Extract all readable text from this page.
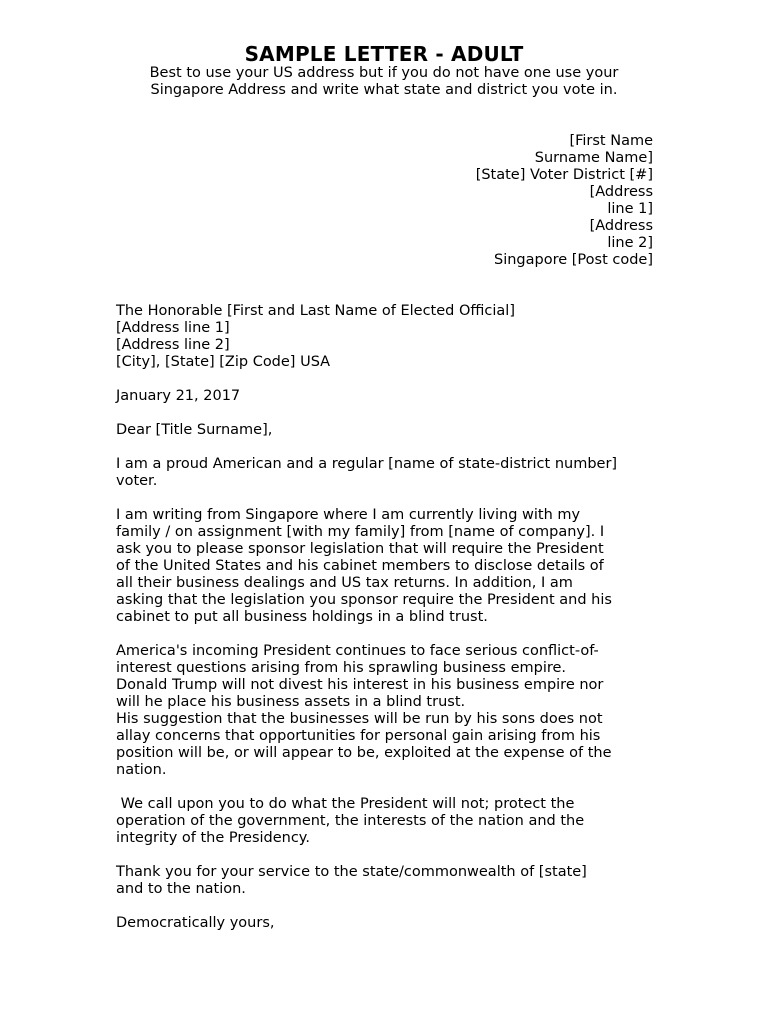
SAMPLE LETTER - ADULT
Best to use your US address but if you do not have one use your
Singapore Address and write what state and district you vote in.
[First Name
Surname Name]
[State] Voter District [#]
[Address
line 1]
[Address
line 2]
Singapore [Post code]
The Honorable [First and Last Name of Elected Official]
[Address line 1]
[Address line 2]
[City], [State] [Zip Code] USA
January 21, 2017
Dear [Title Surname],
I am a proud American and a regular [name of state-district number]
voter.
I am writing from Singapore where I am currently living with my
family / on assignment [with my family] from [name of company]. I
ask you to please sponsor legislation that will require the President
of the United States and his cabinet members to disclose details of
all their business dealings and US tax returns. In addition, I am
asking that the legislation you sponsor require the President and his
cabinet to put all business holdings in a blind trust.
America's incoming President continues to face serious conflict-of-
interest questions arising from his sprawling business empire.
Donald Trump will not divest his interest in his business empire nor
will he place his business assets in a blind trust.
His suggestion that the businesses will be run by his sons does not
allay concerns that opportunities for personal gain arising from his
position will be, or will appear to be, exploited at the expense of the
nation.
We call upon you to do what the President will not; protect the
operation of the government, the interests of the nation and the
integrity of the Presidency.
Thank you for your service to the state/commonwealth of [state]
and to the nation.
Democratically yours,
